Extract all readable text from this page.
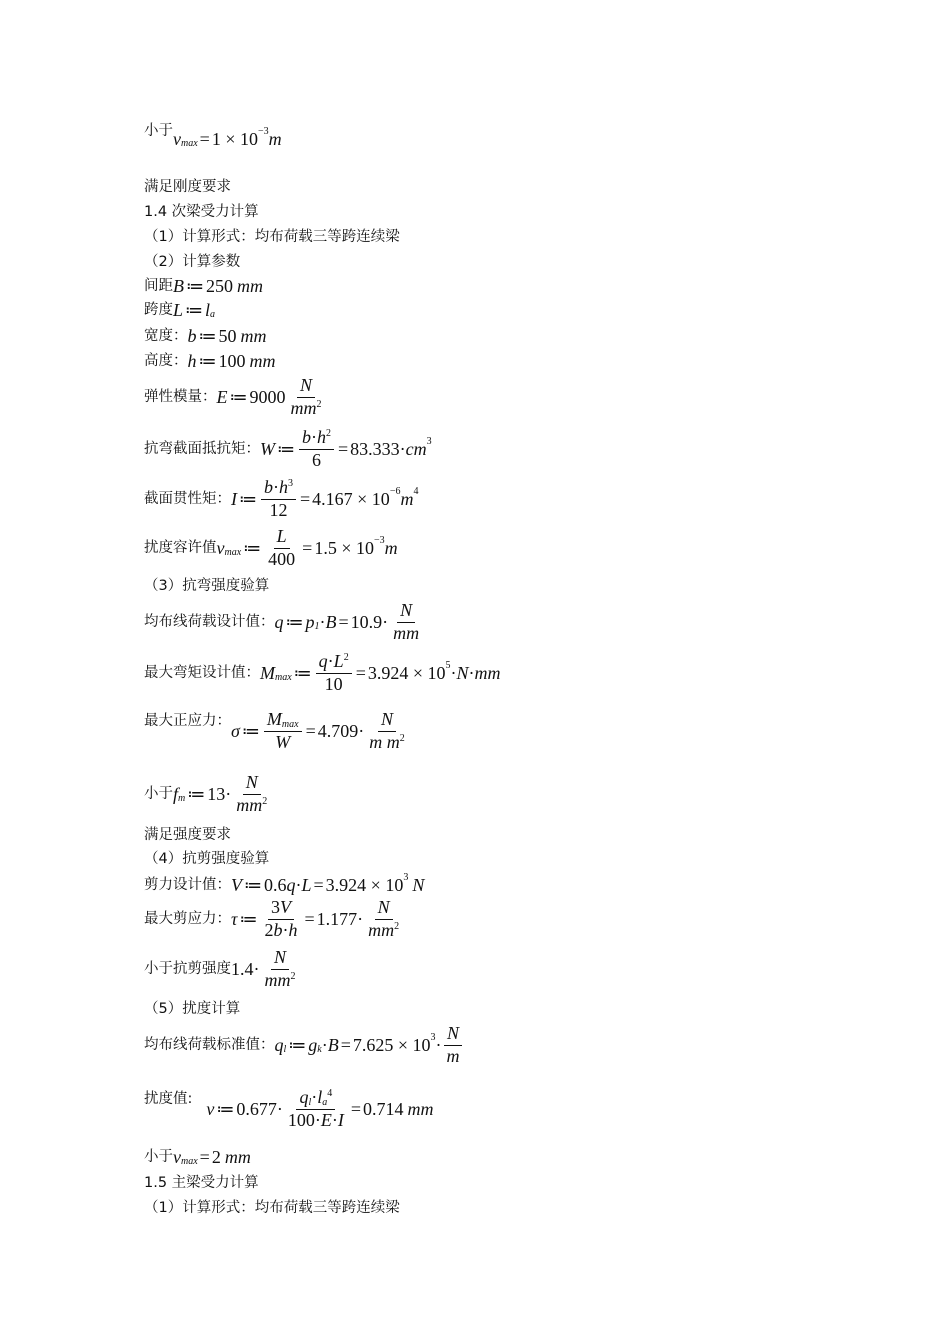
小于 v max = 1 × 10 −3 m
满足刚度要求
1.4 次梁受力计算
（1）计算形式：均布荷载三等跨连续梁
（2）计算参数
间距 B ≔ 250 mm
跨度 L ≔ l a
宽度： b ≔ 50 mm
高度： h ≔ 100 mm
弹性模量： E ≔ $9000 \frac{N}{mm^2}$
抗弯截面抵抗矩： W ≔ $\frac{b\cdot h^2}{6} = 83.333$ · cm 3
截面贯性矩： I ≔ $\frac{b\cdot h^3}{12} = 4.167 \times 10 -6$ m 4
扰度容许值 v max ≔ $\frac{L}{400} = 1.5 \times 10 -3$ m
（3）抗弯强度验算
均布线荷载设计值： q ≔ p $1 \cdot B = 10.9 \cdot \frac{N}{mm}$
最大弯矩设计值： M max ≔ $\frac{q\cdot L^2}{10} = 3.924 \times 10$ 5 · N · mm
最大正应力：
σ ≔ $\frac{Mmax}{W} = 4.709 \cdot \frac{N}{m m^2}$
小于 f m ≔ $13 \cdot \frac{N}{mm^2}$
满足强度要求
（4）抗剪强度验算
剪力设计值： V ≔ 0.6 q · L = 3.924 × 10 3 N
最大剪应力： τ ≔ $\frac{3V}{2b\cdot h} = 1.177 \cdot \frac{N}{mm^2}$
小于抗剪强度 $1.4 \cdot \frac{N}{mm^2}$
（5）扰度计算
均布线荷载标准值： q l ≔ g k · B = 7.625 × 10 $3 \cdot \frac{N}{m}$
扰度值:
v ≔ $0.677 \cdot \frac{ql\cdot la^4}{100\cdot E\cdot I} = 0.714$ mm
小于 v max = 2 mm
1.5 主梁受力计算
（1）计算形式：均布荷载三等跨连续梁
